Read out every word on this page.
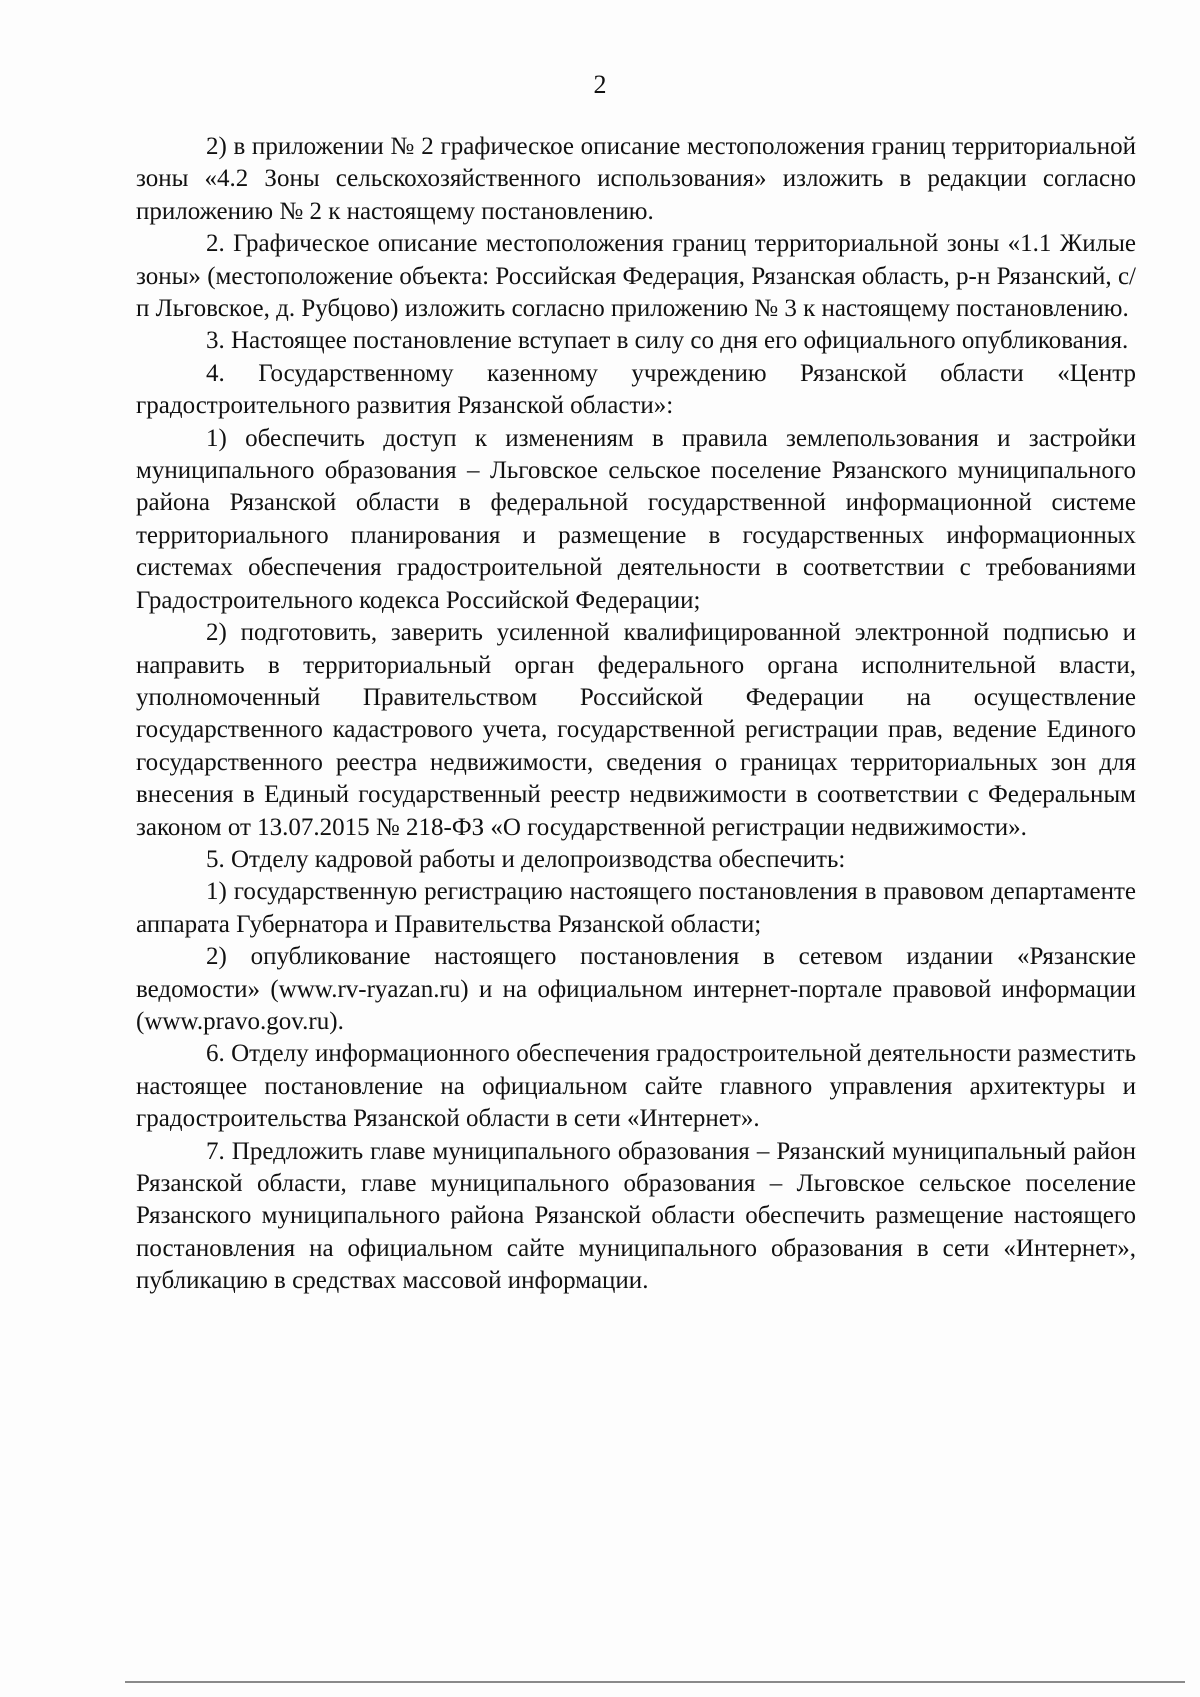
2

2) в приложении № 2 графическое описание местоположения границ территориальной зоны «4.2 Зоны сельскохозяйственного использования» изложить в редакции согласно приложению № 2 к настоящему постановлению.

2. Графическое описание местоположения границ территориальной зоны «1.1 Жилые зоны» (местоположение объекта: Российская Федерация, Рязанская область, р-н Рязанский, с/п Льговское, д. Рубцово) изложить согласно приложению № 3 к настоящему постановлению.

3. Настоящее постановление вступает в силу со дня его официального опубликования.

4. Государственному казенному учреждению Рязанской области «Центр градостроительного развития Рязанской области»:

1) обеспечить доступ к изменениям в правила землепользования и застройки муниципального образования – Льговское сельское поселение Рязанского муниципального района Рязанской области в федеральной государственной информационной системе территориального планирования и размещение в государственных информационных системах обеспечения градостроительной деятельности в соответствии с требованиями Градостроительного кодекса Российской Федерации;

2) подготовить, заверить усиленной квалифицированной электронной подписью и направить в территориальный орган федерального органа исполнительной власти, уполномоченный Правительством Российской Федерации на осуществление государственного кадастрового учета, государственной регистрации прав, ведение Единого государственного реестра недвижимости, сведения о границах территориальных зон для внесения в Единый государственный реестр недвижимости в соответствии с Федеральным законом от 13.07.2015 № 218-ФЗ «О государственной регистрации недвижимости».

5. Отделу кадровой работы и делопроизводства обеспечить:

1) государственную регистрацию настоящего постановления в правовом департаменте аппарата Губернатора и Правительства Рязанской области;

2) опубликование настоящего постановления в сетевом издании «Рязанские ведомости» (www.rv-ryazan.ru) и на официальном интернет-портале правовой информации (www.pravo.gov.ru).

6. Отделу информационного обеспечения градостроительной деятельности разместить настоящее постановление на официальном сайте главного управления архитектуры и градостроительства Рязанской области в сети «Интернет».

7. Предложить главе муниципального образования – Рязанский муниципальный район Рязанской области, главе муниципального образования – Льговское сельское поселение Рязанского муниципального района Рязанской области обеспечить размещение настоящего постановления на официальном сайте муниципального образования в сети «Интернет», публикацию в средствах массовой информации.
